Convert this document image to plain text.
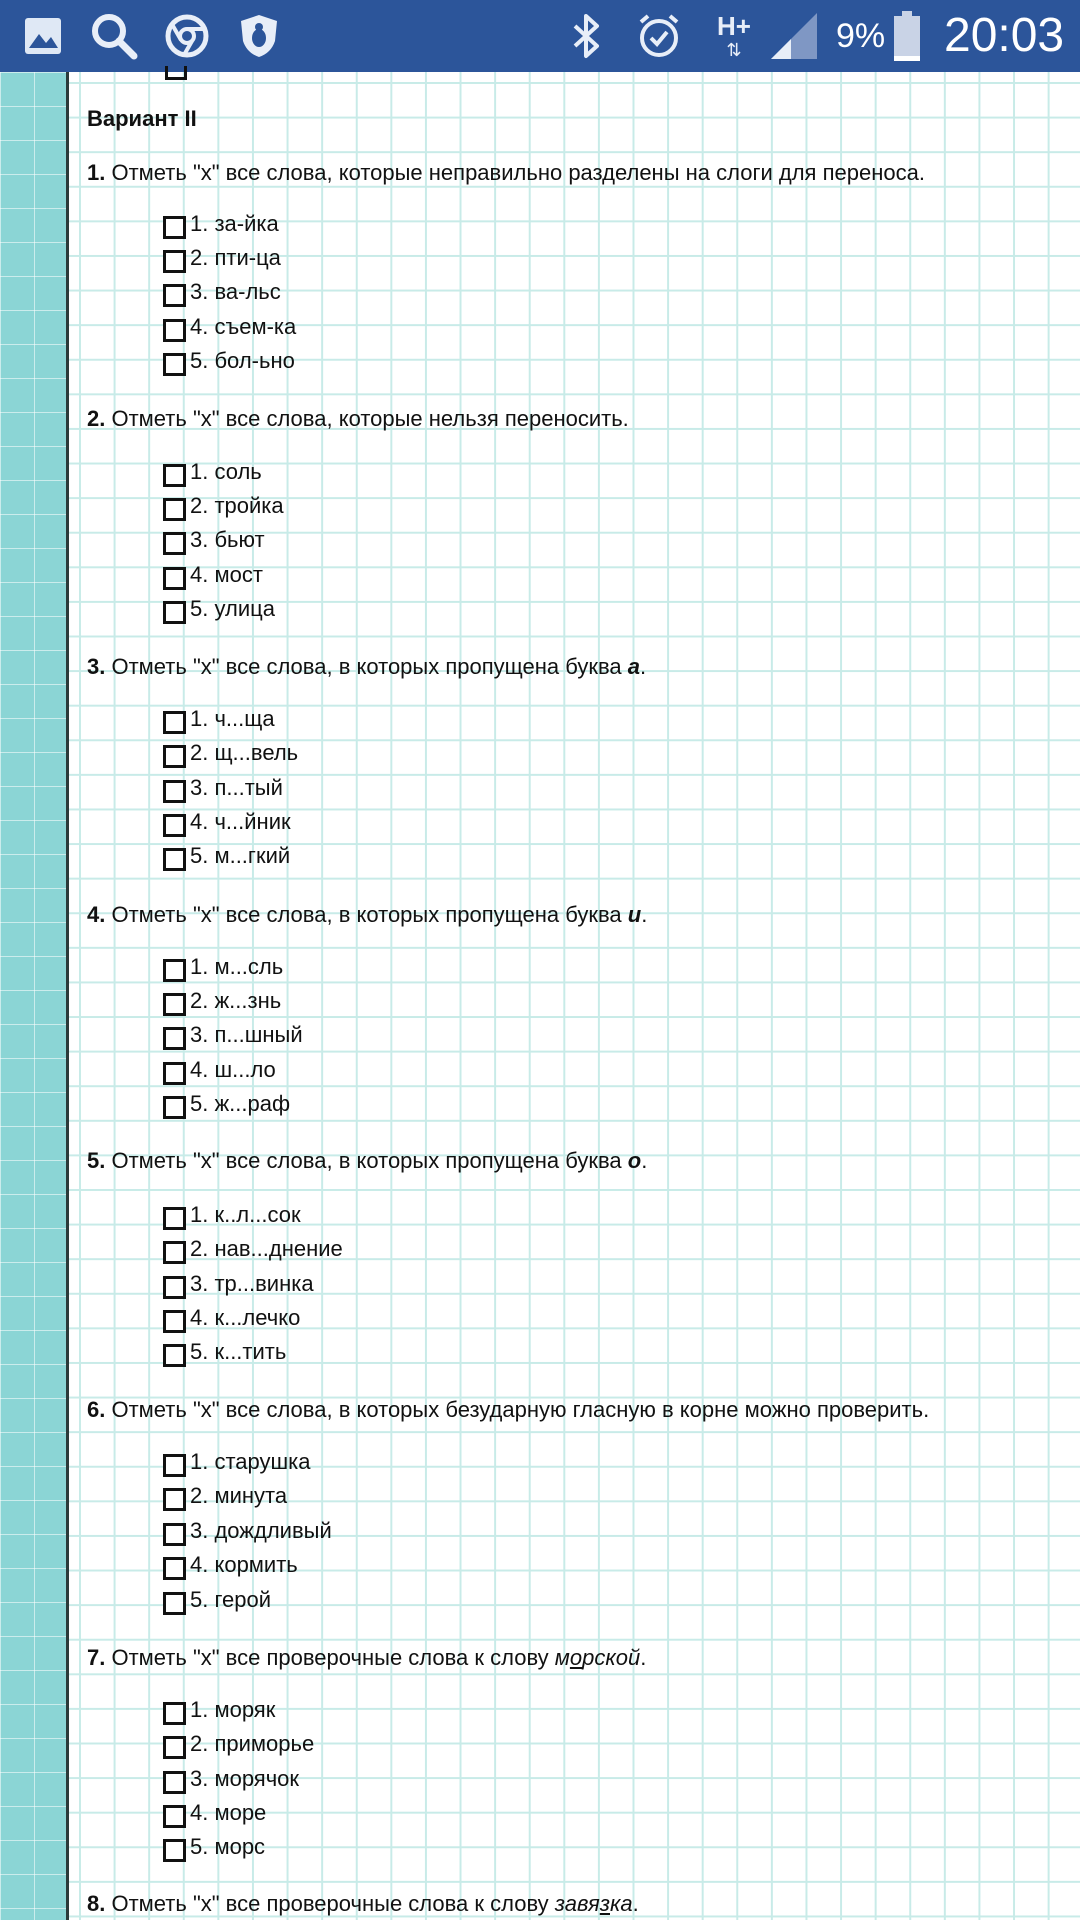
H+
⇅	9% 20:03
Вариант II
1. Отметь "х" все слова, которые неправильно разделены на слоги для переноса.
1. за-йка
2. пти-ца
3. ва-льс
4. съем-ка
5. бол-ьно
2. Отметь "х" все слова, которые нельзя переносить.
1. соль
2. тройка
3. бьют
4. мост
5. улица
3. Отметь "х" все слова, в которых пропущена буква а.
1. ч...ща
2. щ...вель
3. п...тый
4. ч...йник
5. м...гкий
4. Отметь "х" все слова, в которых пропущена буква и.
1. м...сль
2. ж...знь
3. п...шный
4. ш...ло
5. ж...раф
5. Отметь "х" все слова, в которых пропущена буква о.
1. к..л...сок
2. нав...днение
3. тр...винка
4. к...лечко
5. к...тить
6. Отметь "х" все слова, в которых безударную гласную в корне можно проверить.
1. старушка
2. минута
3. дождливый
4. кормить
5. герой
7. Отметь "х" все проверочные слова к слову морской.
1. моряк
2. приморье
3. морячок
4. море
5. морс
8. Отметь "х" все проверочные слова к слову завязка.
